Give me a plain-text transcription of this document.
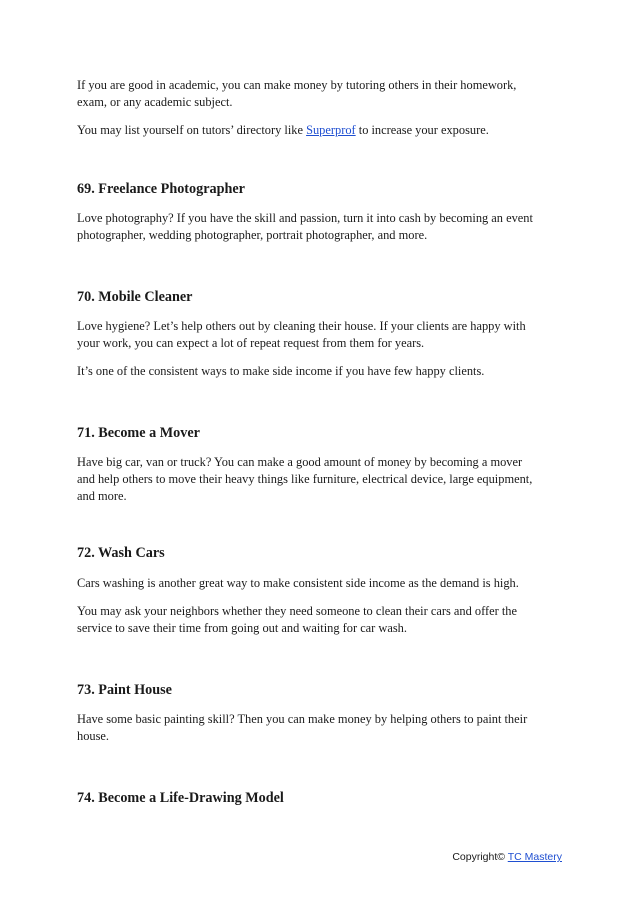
If you are good in academic, you can make money by tutoring others in their homework,

exam, or any academic subject.

You may list yourself on tutors’ directory like Superprof to increase your exposure.

69. Freelance Photographer

Love photography? If you have the skill and passion, turn it into cash by becoming an event

photographer, wedding photographer, portrait photographer, and more.

70. Mobile Cleaner

Love hygiene? Let’s help others out by cleaning their house. If your clients are happy with

your work, you can expect a lot of repeat request from them for years.

It’s one of the consistent ways to make side income if you have few happy clients.

71. Become a Mover

Have big car, van or truck? You can make a good amount of money by becoming a mover

and help others to move their heavy things like furniture, electrical device, large equipment,

and more.

72. Wash Cars

Cars washing is another great way to make consistent side income as the demand is high.

You may ask your neighbors whether they need someone to clean their cars and offer the

service to save their time from going out and waiting for car wash.

73. Paint House

Have some basic painting skill? Then you can make money by helping others to paint their

house.

74. Become a Life-Drawing Model
Copyright© TC Mastery
